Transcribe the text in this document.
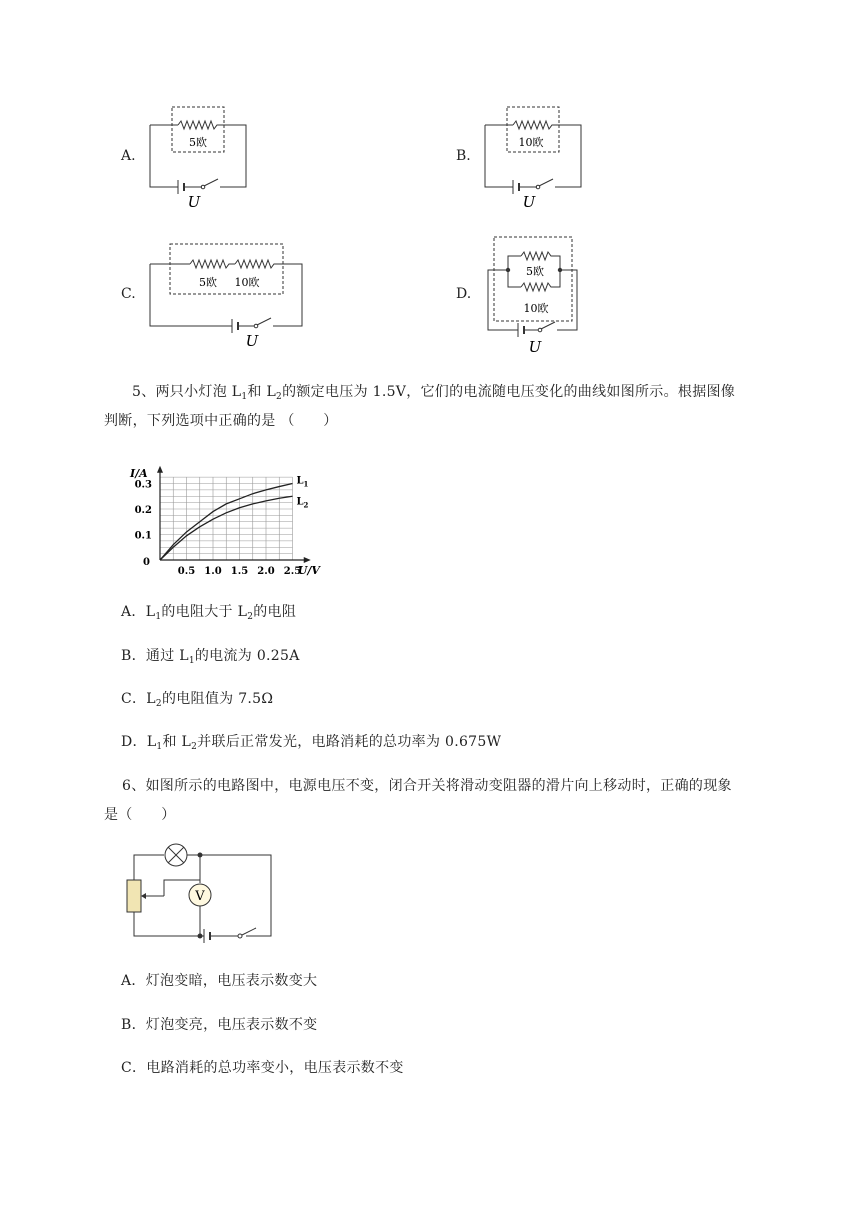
A.
5欧
U
B.
10欧
U
C.
5欧 10欧
U
D.
5欧
10欧
U
5、两只小灯泡 $L_1$和 $L_2$的额定电压为 1.5V，它们的电流随电压变化的曲线如图所示。根据图像判断，下列选项中正确的是 （　　）
0.5 1.0 1.5 2.0 2.5
0.1
0.2
0.3
0
I/A
U/V
$L_1$
$L_2$
A．$L_1$的电阻大于 $L_2$的电阻
B．通过 $L_1$的电流为 0.25A
C．$L_2$的电阻值为 7.5Ω
D．$L_1$和 $L_2$并联后正常发光，电路消耗的总功率为 0.675W
6、如图所示的电路图中，电源电压不变，闭合开关将滑动变阻器的滑片向上移动时，正确的现象是（　　）
V
A．灯泡变暗，电压表示数变大
B．灯泡变亮，电压表示数不变
C．电路消耗的总功率变小，电压表示数不变
